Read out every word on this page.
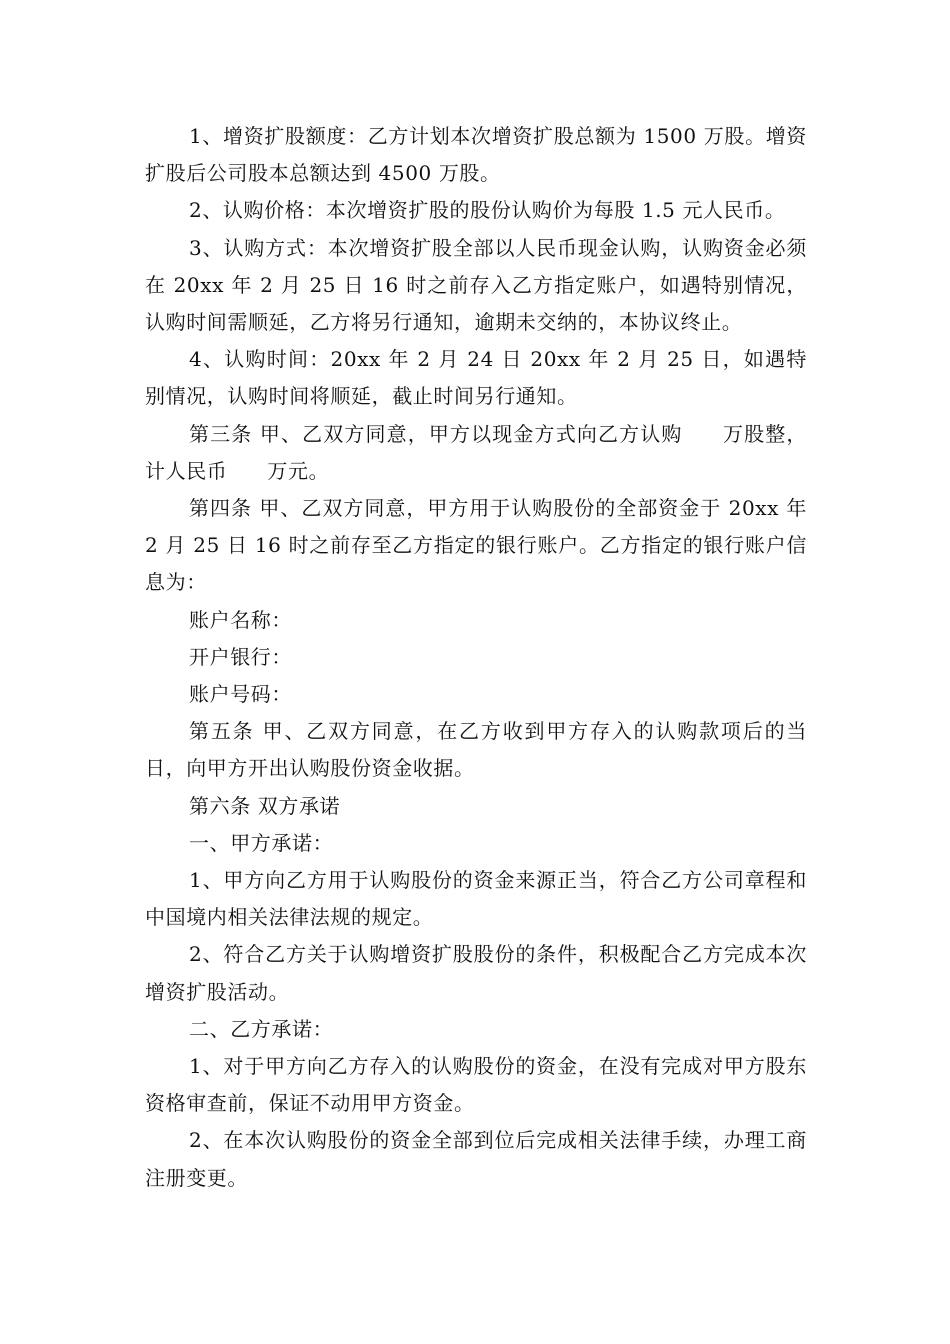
1、增资扩股额度：乙方计划本次增资扩股总额为 1500 万股。增资扩股后公司股本总额达到 4500 万股。

2、认购价格：本次增资扩股的股份认购价为每股 1.5 元人民币。

3、认购方式：本次增资扩股全部以人民币现金认购，认购资金必须在 20xx 年 2 月 25 日 16 时之前存入乙方指定账户，如遇特别情况，认购时间需顺延，乙方将另行通知，逾期未交纳的，本协议终止。

4、认购时间：20xx 年 2 月 24 日 20xx 年 2 月 25 日，如遇特别情况，认购时间将顺延，截止时间另行通知。

第三条 甲、乙双方同意，甲方以现金方式向乙方认购 万股整，计人民币 万元。

第四条 甲、乙双方同意，甲方用于认购股份的全部资金于 20xx 年 2 月 25 日 16 时之前存至乙方指定的银行账户。乙方指定的银行账户信息为：

账户名称：

开户银行：

账户号码：

第五条 甲、乙双方同意，在乙方收到甲方存入的认购款项后的当日，向甲方开出认购股份资金收据。

第六条 双方承诺

一、甲方承诺：

1、甲方向乙方用于认购股份的资金来源正当，符合乙方公司章程和中国境内相关法律法规的规定。

2、符合乙方关于认购增资扩股股份的条件，积极配合乙方完成本次增资扩股活动。

二、乙方承诺：

1、对于甲方向乙方存入的认购股份的资金，在没有完成对甲方股东资格审查前，保证不动用甲方资金。

2、在本次认购股份的资金全部到位后完成相关法律手续，办理工商注册变更。
